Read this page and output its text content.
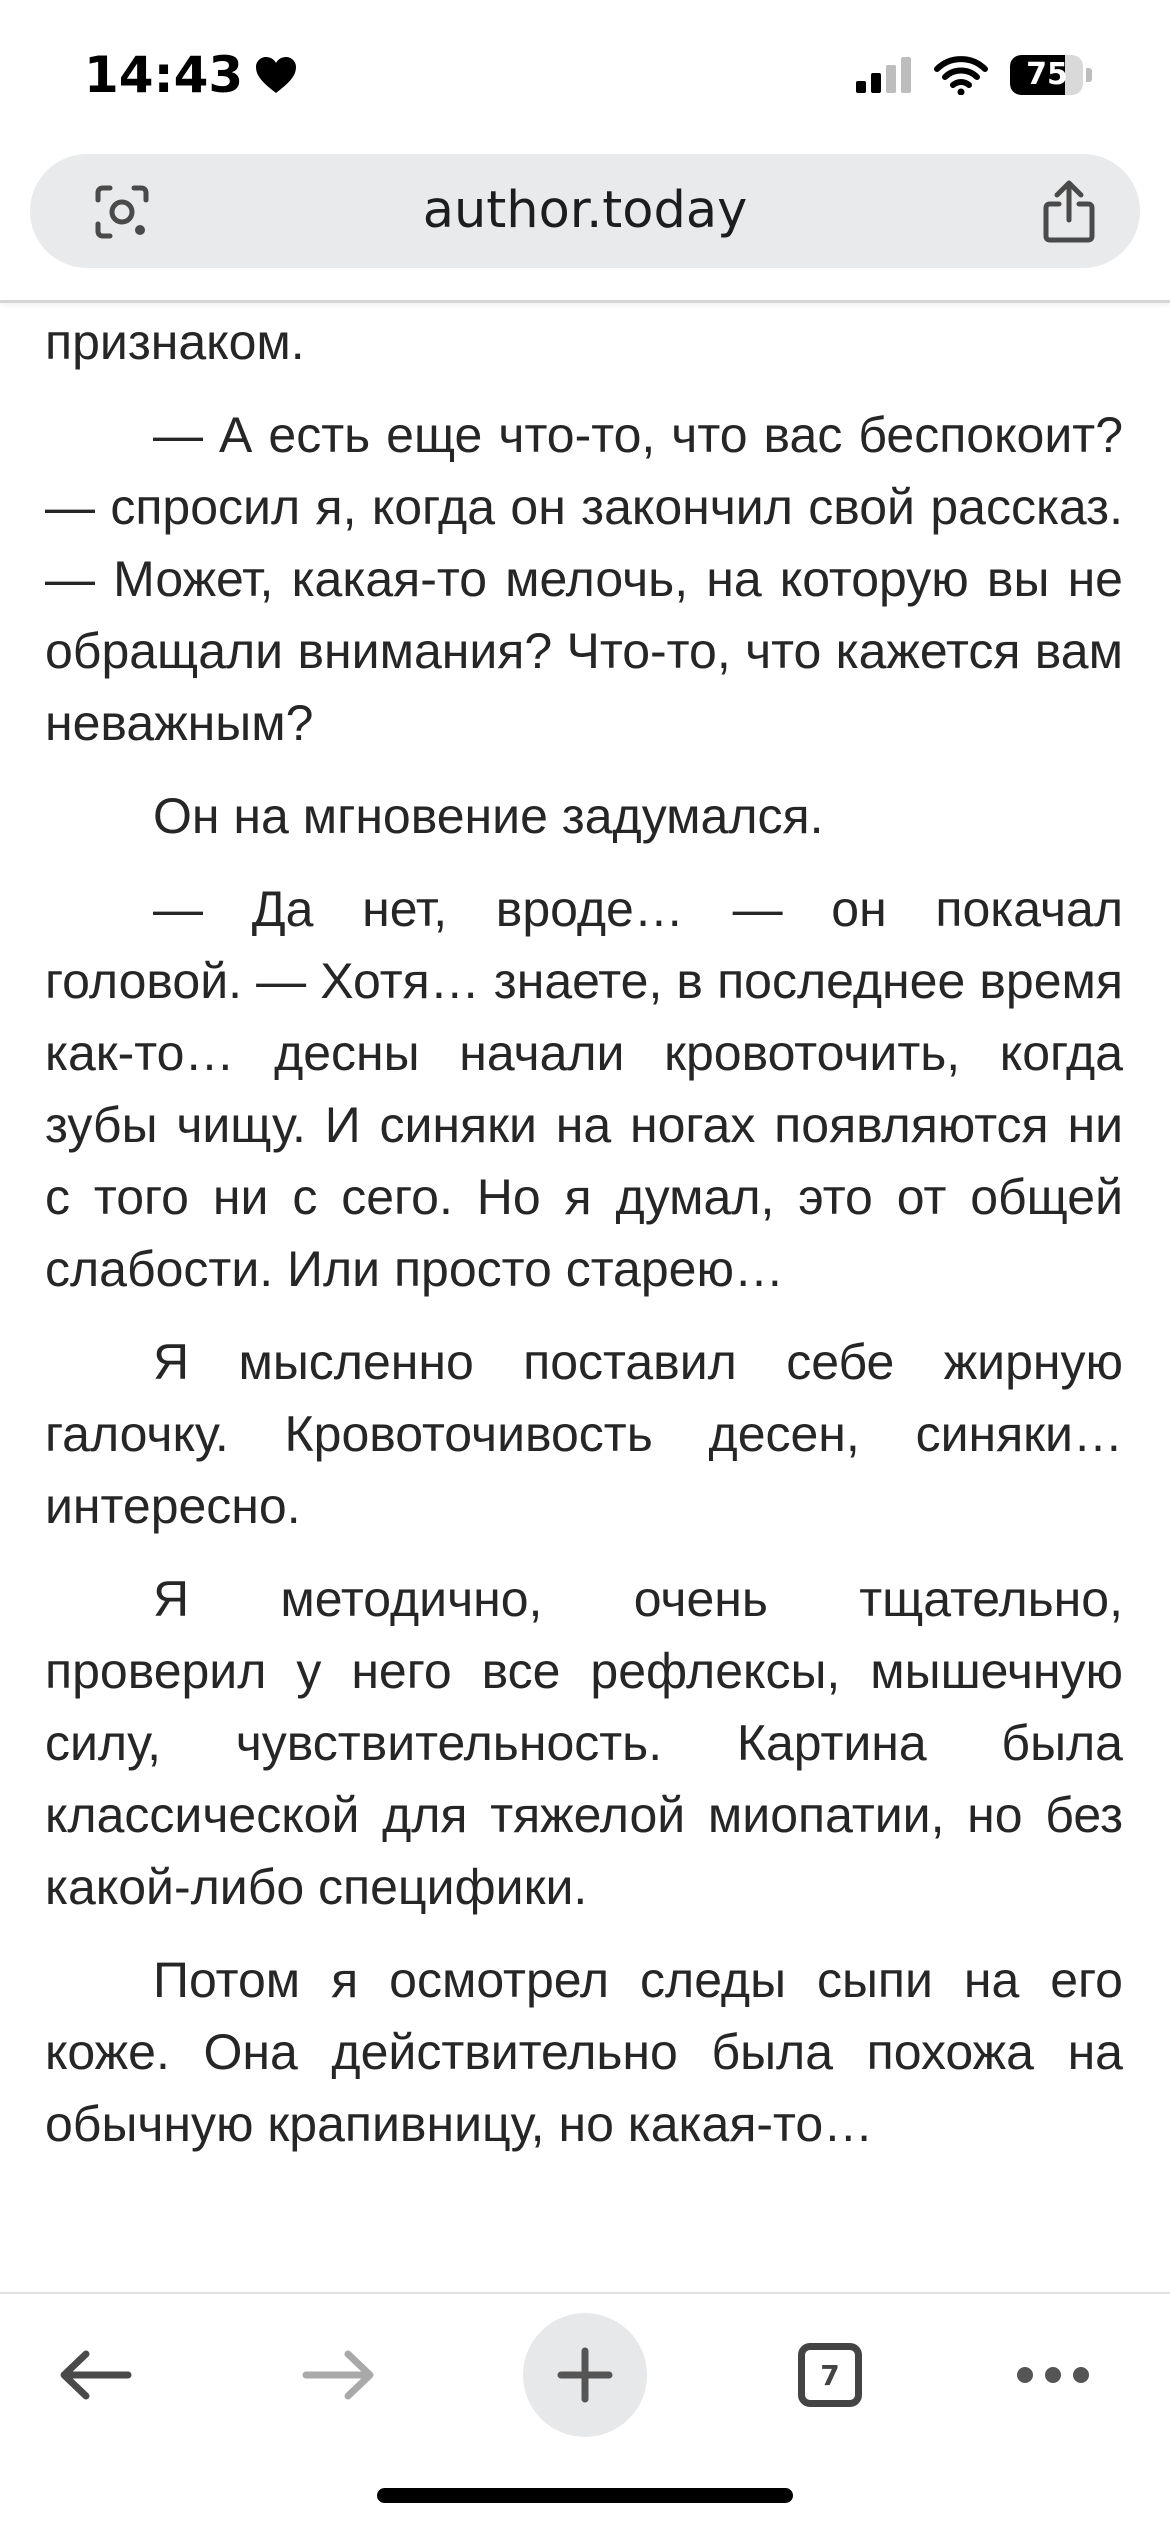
14:43	75
author.today

признаком.

— А есть еще что-то, что вас беспокоит? — спросил я, когда он закончил свой рассказ. — Может, какая-то мелочь, на которую вы не обращали внимания? Что-то, что кажется вам неважным?

Он на мгновение задумался.

— Да нет, вроде… — он покачал головой. — Хотя… знаете, в последнее время как-то… десны начали кровоточить, когда зубы чищу. И синяки на ногах появляются ни с того ни с сего. Но я думал, это от общей слабости. Или просто старею…

Я мысленно поставил себе жирную галочку. Кровоточивость десен, синяки… интересно.

Я методично, очень тщательно, проверил у него все рефлексы, мышечную силу, чувствительность. Картина была классической для тяжелой миопатии, но без какой-либо специфики.

Потом я осмотрел следы сыпи на его коже. Она действительно была похожа на обычную крапивницу, но какая-то…

7
